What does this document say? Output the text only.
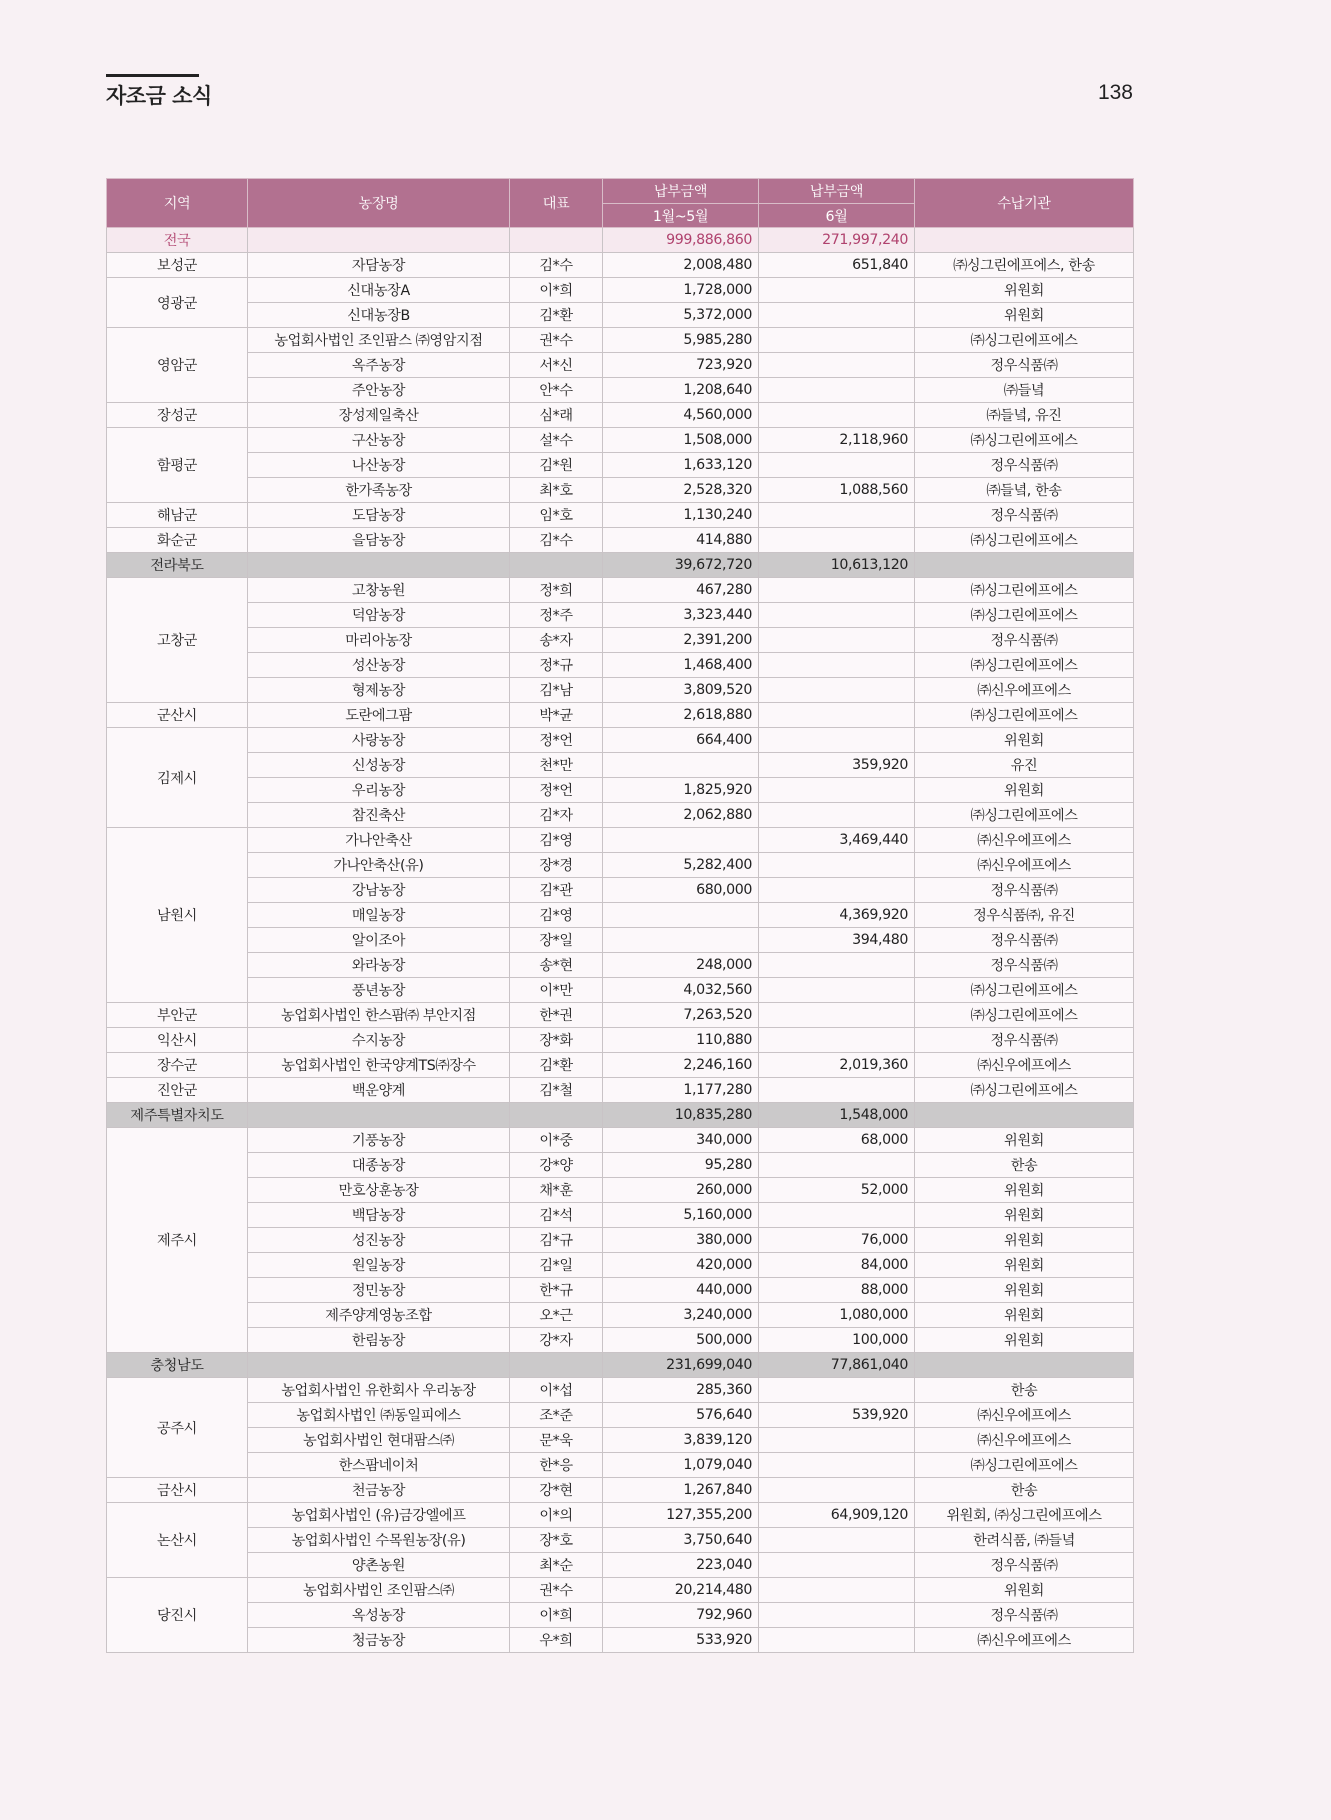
자조금 소식	138
지역	농장명	대표	납부금액	납부금액	수납기관
			1월~5월	6월	
전국			999,886,860	271,997,240	
보성군	자담농장	김*수	2,008,480	651,840	㈜싱그린에프에스, 한송
영광군	신대농장A	이*희	1,728,000		위원회
	신대농장B	김*환	5,372,000		위원회
영암군	농업회사법인 조인팜스 ㈜영암지점	권*수	5,985,280		㈜싱그린에프에스
	옥주농장	서*신	723,920		정우식품㈜
	주안농장	안*수	1,208,640		㈜들녘
장성군	장성제일축산	심*래	4,560,000		㈜들녘, 유진
함평군	구산농장	설*수	1,508,000	2,118,960	㈜싱그린에프에스
	나산농장	김*원	1,633,120		정우식품㈜
	한가족농장	최*호	2,528,320	1,088,560	㈜들녘, 한송
해남군	도담농장	임*호	1,130,240		정우식품㈜
화순군	을담농장	김*수	414,880		㈜싱그린에프에스
전라북도			39,672,720	10,613,120	
고창군	고창농원	정*희	467,280		㈜싱그린에프에스
	덕암농장	정*주	3,323,440		㈜싱그린에프에스
	마리아농장	송*자	2,391,200		정우식품㈜
	성산농장	정*규	1,468,400		㈜싱그린에프에스
	형제농장	김*남	3,809,520		㈜신우에프에스
군산시	도란에그팜	박*균	2,618,880		㈜싱그린에프에스
김제시	사랑농장	정*언	664,400		위원회
	신성농장	천*만		359,920	유진
	우리농장	정*언	1,825,920		위원회
	참진축산	김*자	2,062,880		㈜싱그린에프에스
남원시	가나안축산	김*영		3,469,440	㈜신우에프에스
	가나안축산(유)	장*경	5,282,400		㈜신우에프에스
	강남농장	김*관	680,000		정우식품㈜
	매일농장	김*영		4,369,920	정우식품㈜, 유진
	알이조아	장*일		394,480	정우식품㈜
	와라농장	송*현	248,000		정우식품㈜
	풍년농장	이*만	4,032,560		㈜싱그린에프에스
부안군	농업회사법인 한스팜㈜ 부안지점	한*권	7,263,520		㈜싱그린에프에스
익산시	수지농장	장*화	110,880		정우식품㈜
장수군	농업회사법인 한국양계TS㈜장수	김*환	2,246,160	2,019,360	㈜신우에프에스
진안군	백운양계	김*철	1,177,280		㈜싱그린에프에스
제주특별자치도			10,835,280	1,548,000	
제주시	기풍농장	이*중	340,000	68,000	위원회
	대종농장	강*양	95,280		한송
	만호상훈농장	채*훈	260,000	52,000	위원회
	백담농장	김*석	5,160,000		위원회
	성진농장	김*규	380,000	76,000	위원회
	원일농장	김*일	420,000	84,000	위원회
	정민농장	한*규	440,000	88,000	위원회
	제주양계영농조합	오*근	3,240,000	1,080,000	위원회
	한림농장	강*자	500,000	100,000	위원회
충청남도			231,699,040	77,861,040	
공주시	농업회사법인 유한회사 우리농장	이*섭	285,360		한송
	농업회사법인 ㈜동일피에스	조*준	576,640	539,920	㈜신우에프에스
	농업회사법인 현대팜스㈜	문*욱	3,839,120		㈜신우에프에스
	한스팜네이처	한*응	1,079,040		㈜싱그린에프에스
금산시	천금농장	강*현	1,267,840		한송
논산시	농업회사법인 (유)금강엘에프	이*의	127,355,200	64,909,120	위원회, ㈜싱그린에프에스
	농업회사법인 수목원농장(유)	장*호	3,750,640		한려식품, ㈜들녘
	양촌농원	최*순	223,040		정우식품㈜
당진시	농업회사법인 조인팜스㈜	권*수	20,214,480		위원회
	옥성농장	이*희	792,960		정우식품㈜
	청금농장	우*희	533,920		㈜신우에프에스
